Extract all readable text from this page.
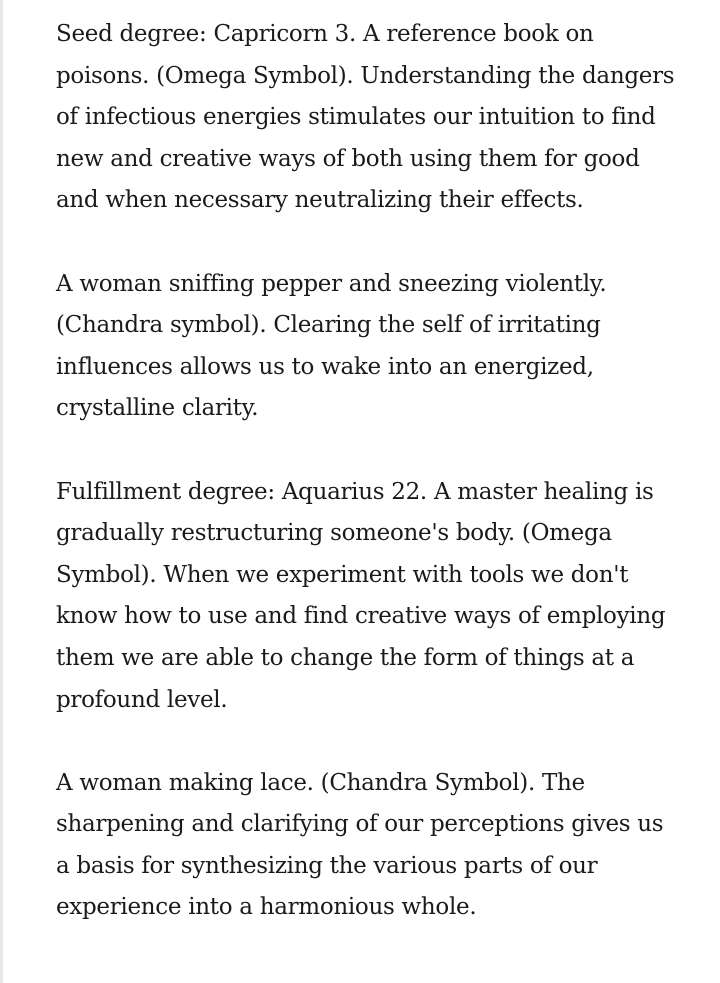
Seed degree: Capricorn 3. A reference book on poisons. (Omega Symbol). Understanding the dangers of infectious energies stimulates our intuition to find new and creative ways of both using them for good and when necessary neutralizing their effects.

A woman sniffing pepper and sneezing violently. (Chandra symbol). Clearing the self of irritating influences allows us to wake into an energized, crystalline clarity.

Fulfillment degree: Aquarius 22. A master healing is gradually restructuring someone's body. (Omega Symbol). When we experiment with tools we don't know how to use and find creative ways of employing them we are able to change the form of things at a profound level.

A woman making lace. (Chandra Symbol). The sharpening and clarifying of our perceptions gives us a basis for synthesizing the various parts of our experience into a harmonious whole.
